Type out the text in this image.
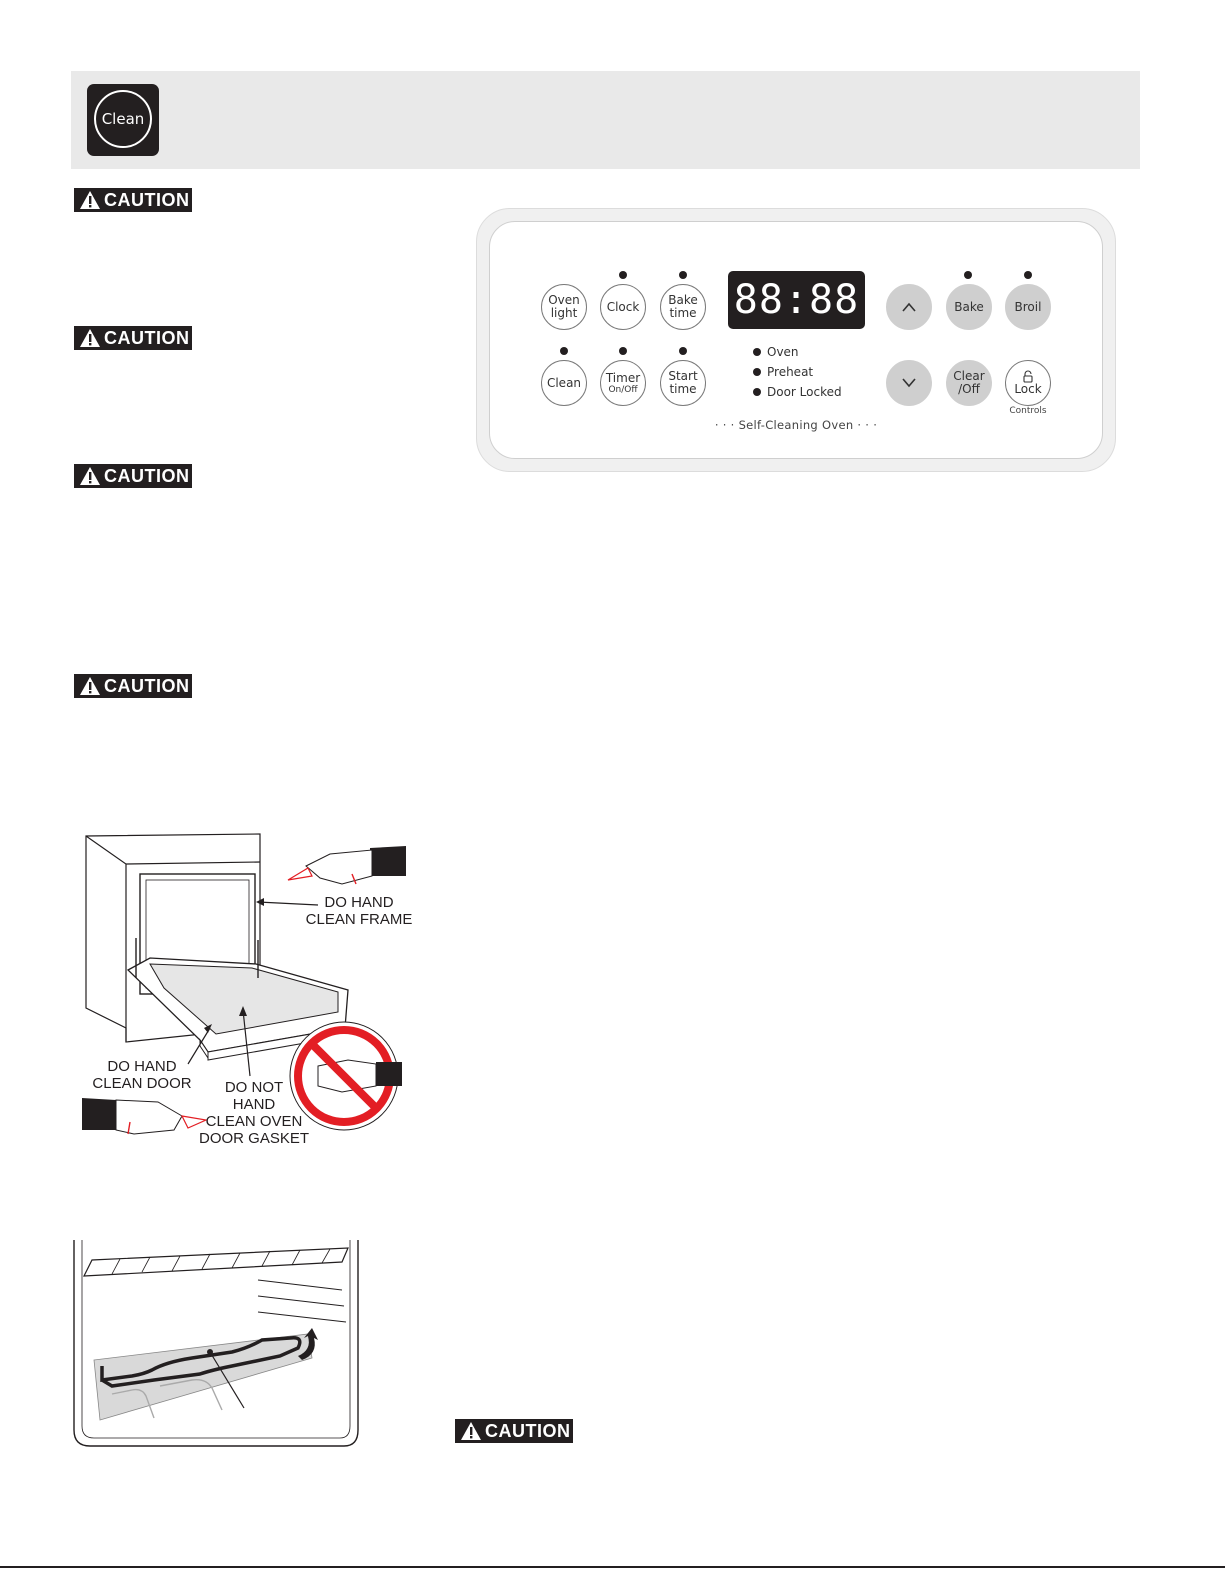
Clean
CAUTION
CAUTION
CAUTION
CAUTION
CAUTION
Oven
light Clock Bake
time 88:88	Bake	Broil
Clean Timer
On/Off
Start
time
Oven
Preheat
Door Locked
Clear
/Off	Lock
Controls
· · · Self-Cleaning Oven · · ·
DO HAND
CLEAN FRAME
DO HAND
CLEAN DOOR	DO NOT
HAND
CLEAN OVEN
DOOR GASKET
